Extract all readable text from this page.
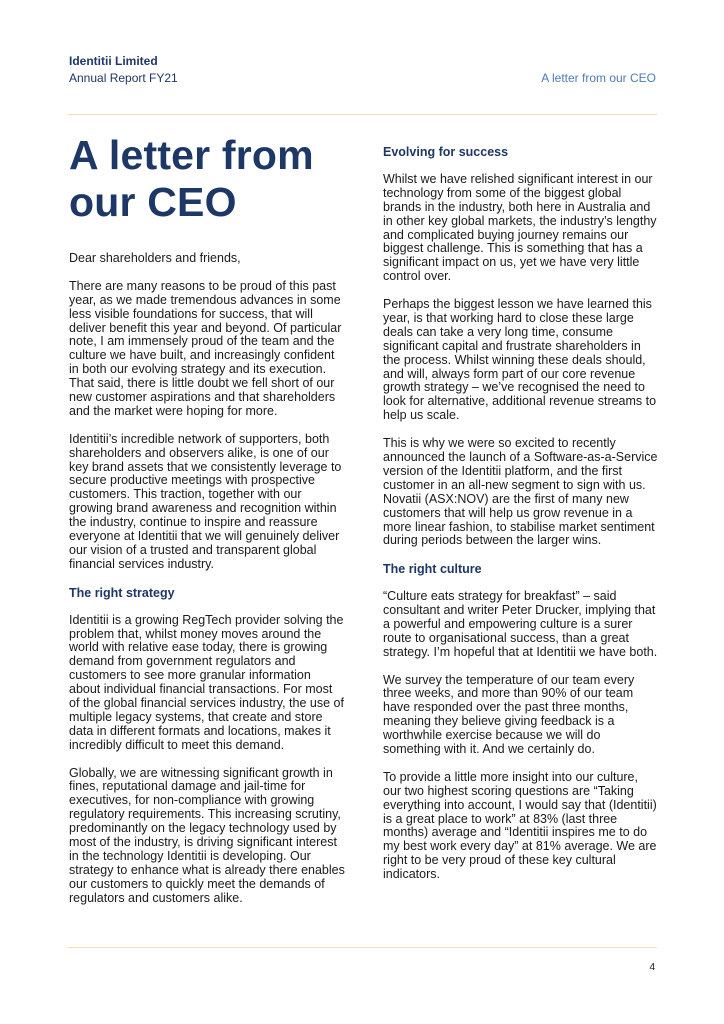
Identitii Limited
Annual Report FY21	A letter from our CEO
A letter from our CEO

Dear shareholders and friends,

There are many reasons to be proud of this past year, as we made tremendous advances in some less visible foundations for success, that will deliver benefit this year and beyond. Of particular note, I am immensely proud of the team and the culture we have built, and increasingly confident in both our evolving strategy and its execution. That said, there is little doubt we fell short of our new customer aspirations and that shareholders and the market were hoping for more.

Identitii’s incredible network of supporters, both shareholders and observers alike, is one of our key brand assets that we consistently leverage to secure productive meetings with prospective customers. This traction, together with our growing brand awareness and recognition within the industry, continue to inspire and reassure everyone at Identitii that we will genuinely deliver our vision of a trusted and transparent global financial services industry.

The right strategy

Identitii is a growing RegTech provider solving the problem that, whilst money moves around the world with relative ease today, there is growing demand from government regulators and customers to see more granular information about individual financial transactions. For most of the global financial services industry, the use of multiple legacy systems, that create and store data in different formats and locations, makes it incredibly difficult to meet this demand.

Globally, we are witnessing significant growth in fines, reputational damage and jail-time for executives, for non-compliance with growing regulatory requirements. This increasing scrutiny, predominantly on the legacy technology used by most of the industry, is driving significant interest in the technology Identitii is developing. Our strategy to enhance what is already there enables our customers to quickly meet the demands of regulators and customers alike.

Evolving for success

Whilst we have relished significant interest in our technology from some of the biggest global brands in the industry, both here in Australia and in other key global markets, the industry’s lengthy and complicated buying journey remains our biggest challenge. This is something that has a significant impact on us, yet we have very little control over.

Perhaps the biggest lesson we have learned this year, is that working hard to close these large deals can take a very long time, consume significant capital and frustrate shareholders in the process. Whilst winning these deals should, and will, always form part of our core revenue growth strategy – we’ve recognised the need to look for alternative, additional revenue streams to help us scale.

This is why we were so excited to recently announced the launch of a Software-as-a-Service version of the Identitii platform, and the first customer in an all-new segment to sign with us. Novatii (ASX:NOV) are the first of many new customers that will help us grow revenue in a more linear fashion, to stabilise market sentiment during periods between the larger wins.

The right culture

“Culture eats strategy for breakfast” – said consultant and writer Peter Drucker, implying that a powerful and empowering culture is a surer route to organisational success, than a great strategy. I’m hopeful that at Identitii we have both.

We survey the temperature of our team every three weeks, and more than 90% of our team have responded over the past three months, meaning they believe giving feedback is a worthwhile exercise because we will do something with it. And we certainly do.

To provide a little more insight into our culture, our two highest scoring questions are “Taking everything into account, I would say that (Identitii) is a great place to work” at 83% (last three months) average and “Identitii inspires me to do my best work every day” at 81% average. We are right to be very proud of these key cultural indicators.

4
